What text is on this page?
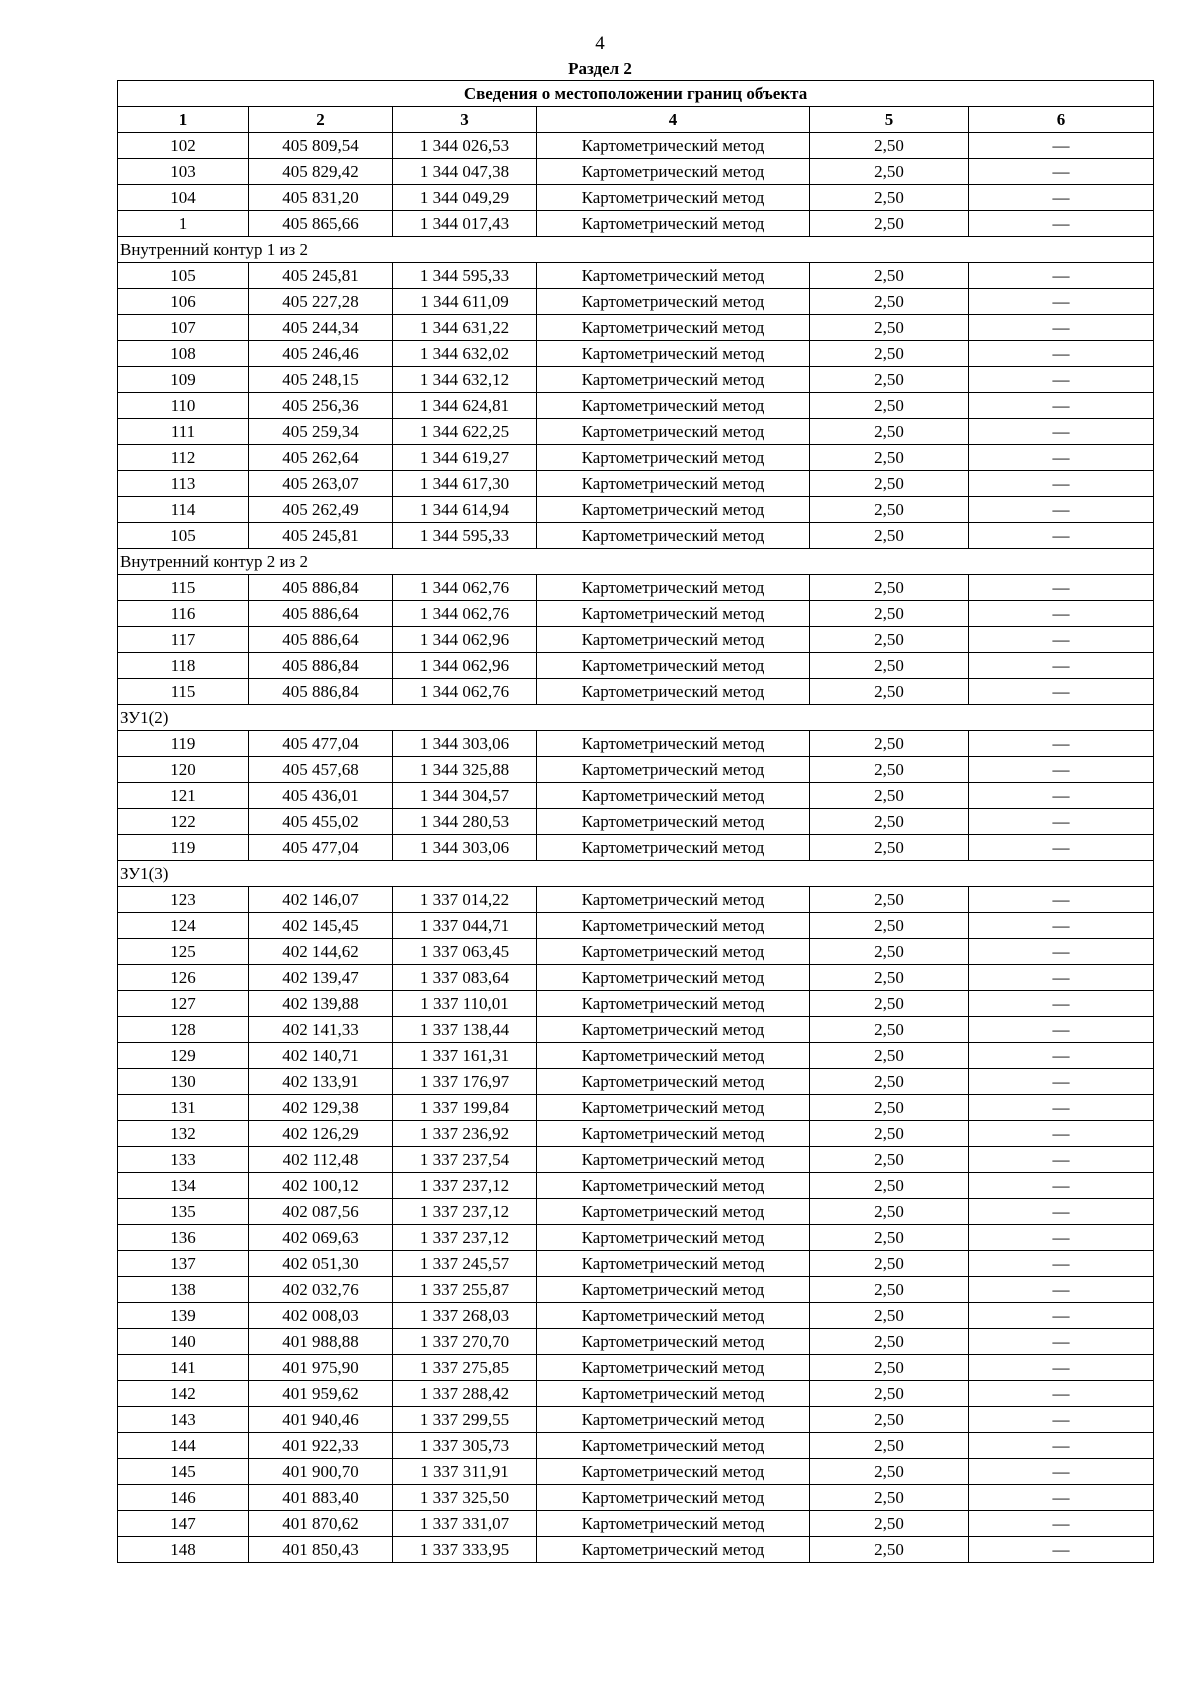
4
Раздел 2
Сведения о местоположении границ объекта					
1	2	3	4	5	6
102	405 809,54	1 344 026,53	Картометрический метод	2,50	—
103	405 829,42	1 344 047,38	Картометрический метод	2,50	—
104	405 831,20	1 344 049,29	Картометрический метод	2,50	—
1	405 865,66	1 344 017,43	Картометрический метод	2,50	—
Внутренний контур 1 из 2					
105	405 245,81	1 344 595,33	Картометрический метод	2,50	—
106	405 227,28	1 344 611,09	Картометрический метод	2,50	—
107	405 244,34	1 344 631,22	Картометрический метод	2,50	—
108	405 246,46	1 344 632,02	Картометрический метод	2,50	—
109	405 248,15	1 344 632,12	Картометрический метод	2,50	—
110	405 256,36	1 344 624,81	Картометрический метод	2,50	—
111	405 259,34	1 344 622,25	Картометрический метод	2,50	—
112	405 262,64	1 344 619,27	Картометрический метод	2,50	—
113	405 263,07	1 344 617,30	Картометрический метод	2,50	—
114	405 262,49	1 344 614,94	Картометрический метод	2,50	—
105	405 245,81	1 344 595,33	Картометрический метод	2,50	—
Внутренний контур 2 из 2					
115	405 886,84	1 344 062,76	Картометрический метод	2,50	—
116	405 886,64	1 344 062,76	Картометрический метод	2,50	—
117	405 886,64	1 344 062,96	Картометрический метод	2,50	—
118	405 886,84	1 344 062,96	Картометрический метод	2,50	—
115	405 886,84	1 344 062,76	Картометрический метод	2,50	—
ЗУ1(2)					
119	405 477,04	1 344 303,06	Картометрический метод	2,50	—
120	405 457,68	1 344 325,88	Картометрический метод	2,50	—
121	405 436,01	1 344 304,57	Картометрический метод	2,50	—
122	405 455,02	1 344 280,53	Картометрический метод	2,50	—
119	405 477,04	1 344 303,06	Картометрический метод	2,50	—
ЗУ1(3)					
123	402 146,07	1 337 014,22	Картометрический метод	2,50	—
124	402 145,45	1 337 044,71	Картометрический метод	2,50	—
125	402 144,62	1 337 063,45	Картометрический метод	2,50	—
126	402 139,47	1 337 083,64	Картометрический метод	2,50	—
127	402 139,88	1 337 110,01	Картометрический метод	2,50	—
128	402 141,33	1 337 138,44	Картометрический метод	2,50	—
129	402 140,71	1 337 161,31	Картометрический метод	2,50	—
130	402 133,91	1 337 176,97	Картометрический метод	2,50	—
131	402 129,38	1 337 199,84	Картометрический метод	2,50	—
132	402 126,29	1 337 236,92	Картометрический метод	2,50	—
133	402 112,48	1 337 237,54	Картометрический метод	2,50	—
134	402 100,12	1 337 237,12	Картометрический метод	2,50	—
135	402 087,56	1 337 237,12	Картометрический метод	2,50	—
136	402 069,63	1 337 237,12	Картометрический метод	2,50	—
137	402 051,30	1 337 245,57	Картометрический метод	2,50	—
138	402 032,76	1 337 255,87	Картометрический метод	2,50	—
139	402 008,03	1 337 268,03	Картометрический метод	2,50	—
140	401 988,88	1 337 270,70	Картометрический метод	2,50	—
141	401 975,90	1 337 275,85	Картометрический метод	2,50	—
142	401 959,62	1 337 288,42	Картометрический метод	2,50	—
143	401 940,46	1 337 299,55	Картометрический метод	2,50	—
144	401 922,33	1 337 305,73	Картометрический метод	2,50	—
145	401 900,70	1 337 311,91	Картометрический метод	2,50	—
146	401 883,40	1 337 325,50	Картометрический метод	2,50	—
147	401 870,62	1 337 331,07	Картометрический метод	2,50	—
148	401 850,43	1 337 333,95	Картометрический метод	2,50	—
